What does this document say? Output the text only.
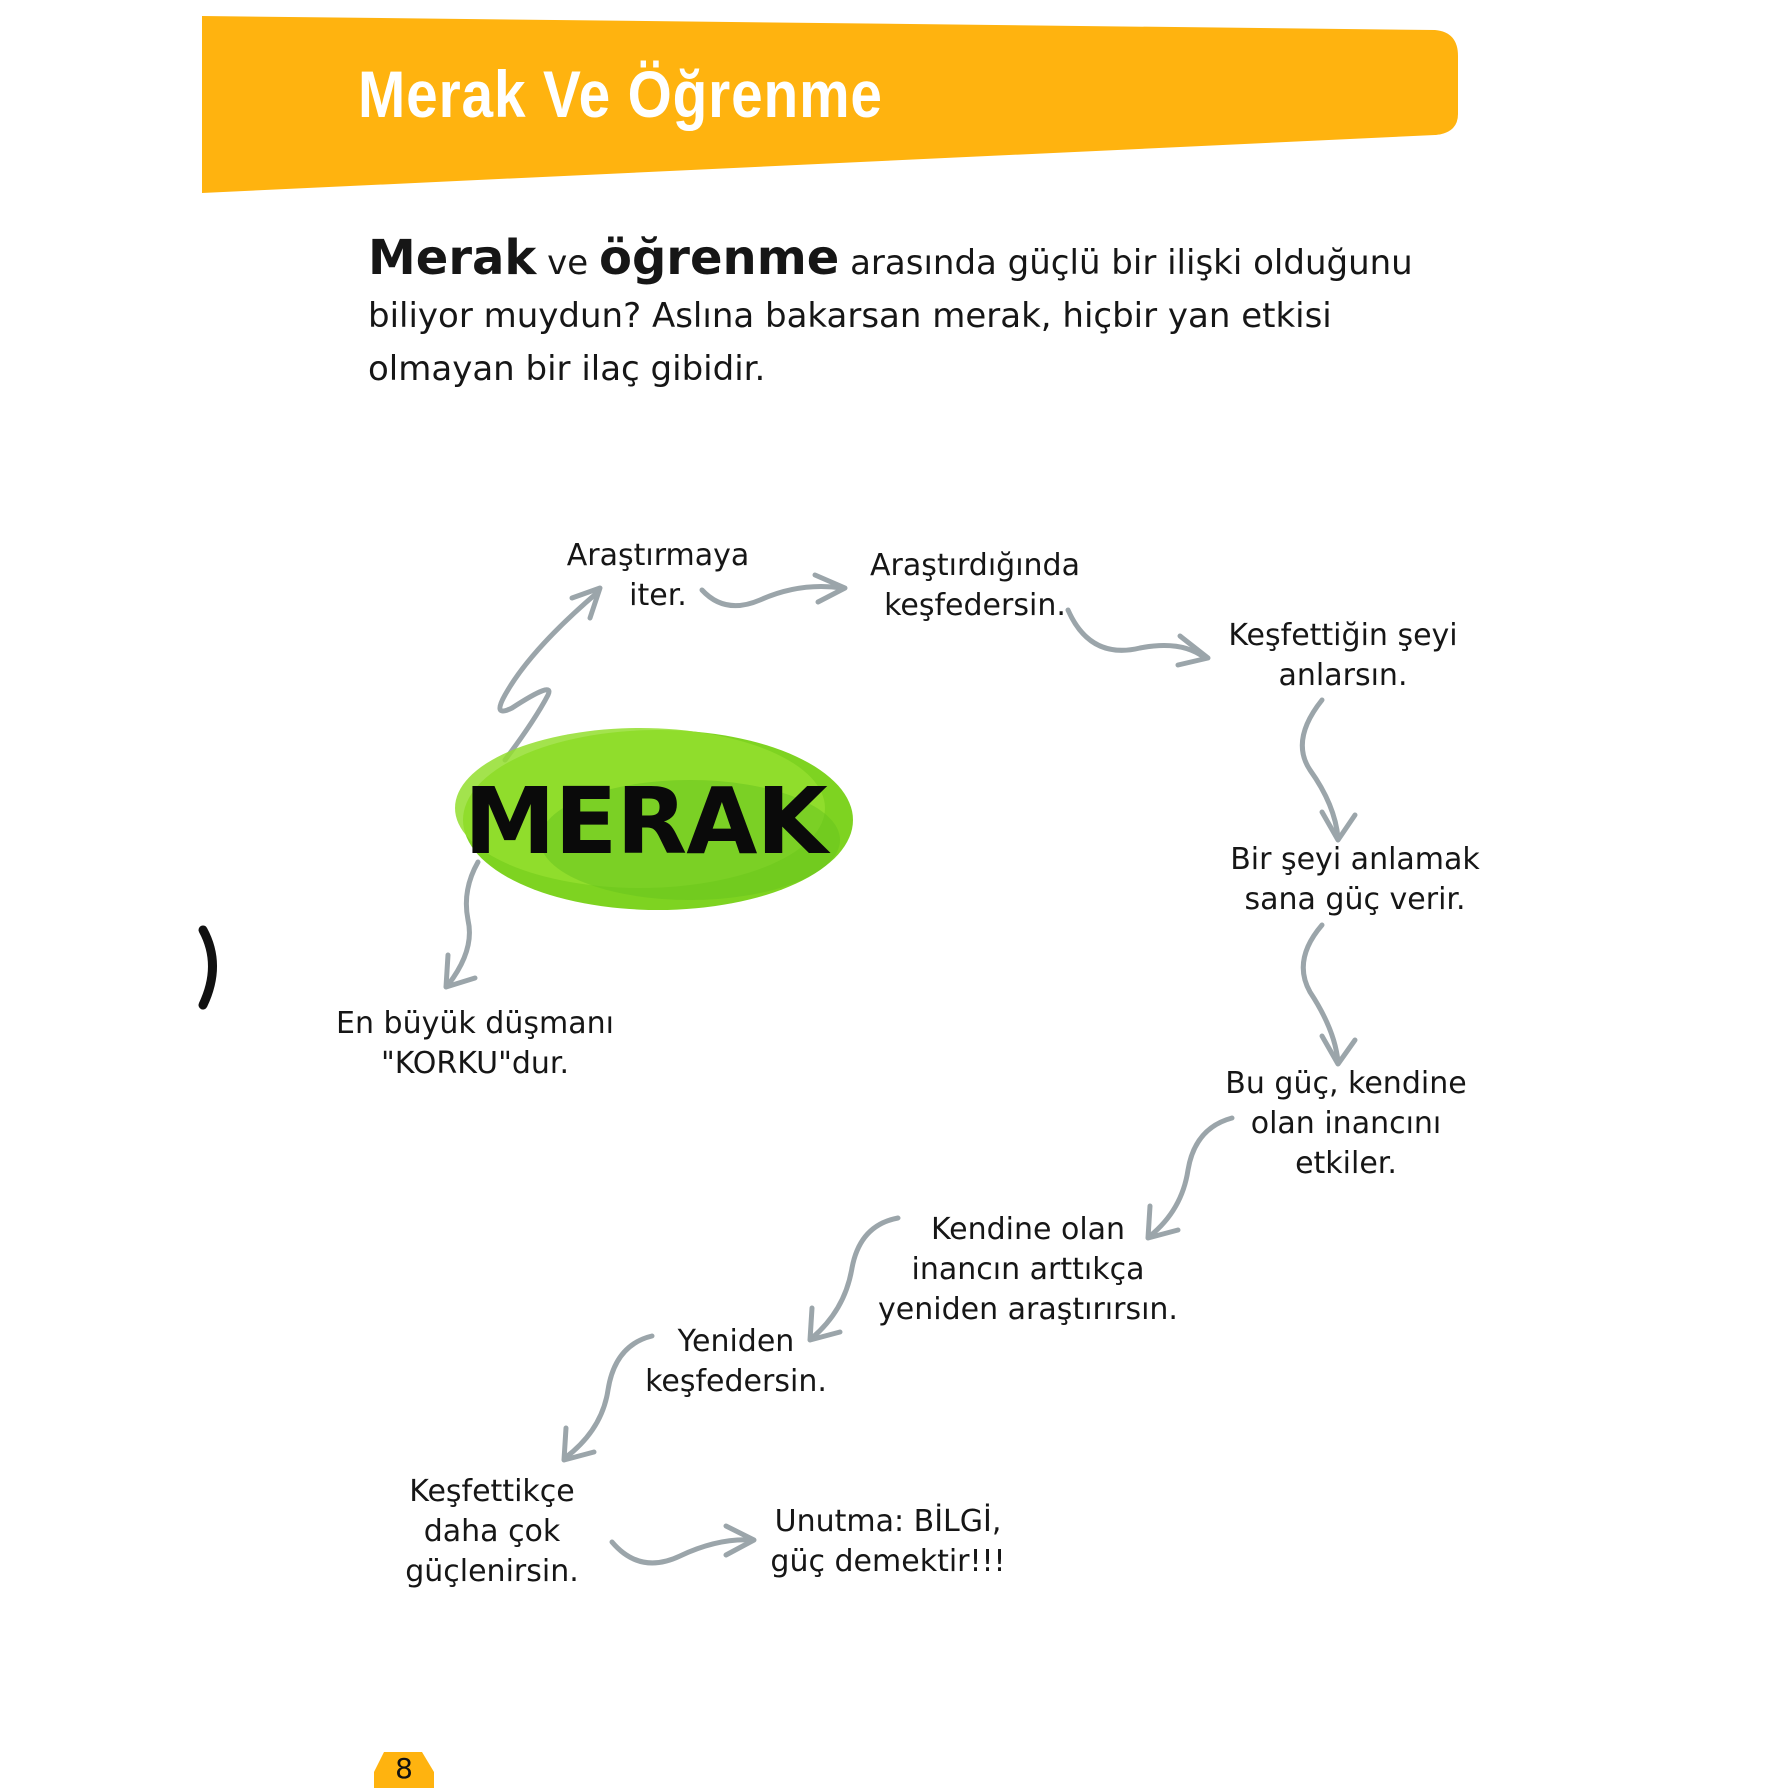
Merak Ve Öğrenme

Merak ve öğrenme arasında güçlü bir ilişki olduğunu biliyor muydun? Aslına bakarsan merak, hiçbir yan etkisi olmayan bir ilaç gibidir.

MERAK
Araştırmaya
iter.
Araştırdığında
keşfedersin.
Keşfettiğin şeyi
anlarsın.
Bir şeyi anlamak
sana güç verir.
Bu güç, kendine
olan inancını
etkiler.
Kendine olan
inancın arttıkça
yeniden araştırırsın.
Yeniden
keşfedersin.
Keşfettikçe
daha çok
güçlenirsin.
Unutma: BİLGİ,
güç demektir!!!
En büyük düşmanı
"KORKU"dur.
8
